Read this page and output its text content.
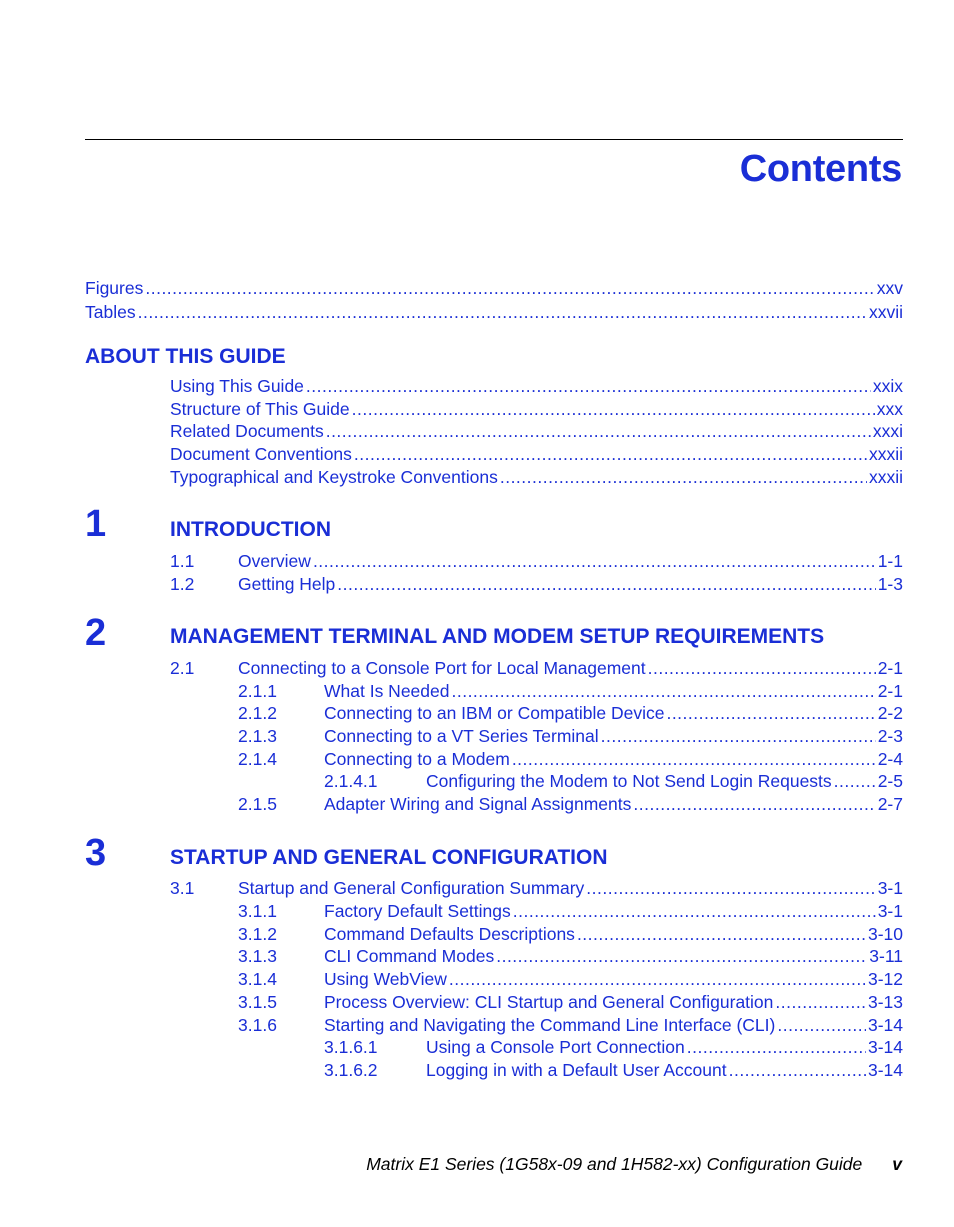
Contents
Figures .....	xxv
Tables .....	xxvii
ABOUT THIS GUIDE
Using This Guide .....	xxix
Structure of This Guide .....	xxx
Related Documents .....	xxxi
Document Conventions .....	xxxii
Typographical and Keystroke Conventions .....	xxxii
1	INTRODUCTION
1.1	Overview .....	1-1
1.2	Getting Help .....	1-3
2	MANAGEMENT TERMINAL AND MODEM SETUP REQUIREMENTS
2.1	Connecting to a Console Port for Local Management .....	2-1
2.1.1	What Is Needed .....	2-1
2.1.2	Connecting to an IBM or Compatible Device .....	2-2
2.1.3	Connecting to a VT Series Terminal .....	2-3
2.1.4	Connecting to a Modem .....	2-4
2.1.4.1	Configuring the Modem to Not Send Login Requests .....	2-5
2.1.5	Adapter Wiring and Signal Assignments .....	2-7
3	STARTUP AND GENERAL CONFIGURATION
3.1	Startup and General Configuration Summary .....	3-1
3.1.1	Factory Default Settings .....	3-1
3.1.2	Command Defaults Descriptions .....	3-10
3.1.3	CLI Command Modes .....	3-11
3.1.4	Using WebView .....	3-12
3.1.5	Process Overview: CLI Startup and General Configuration .....	3-13
3.1.6	Starting and Navigating the Command Line Interface (CLI) .....	3-14
3.1.6.1	Using a Console Port Connection .....	3-14
3.1.6.2	Logging in with a Default User Account .....	3-14
Matrix E1 Series (1G58x-09 and 1H582-xx) Configuration Guide v
